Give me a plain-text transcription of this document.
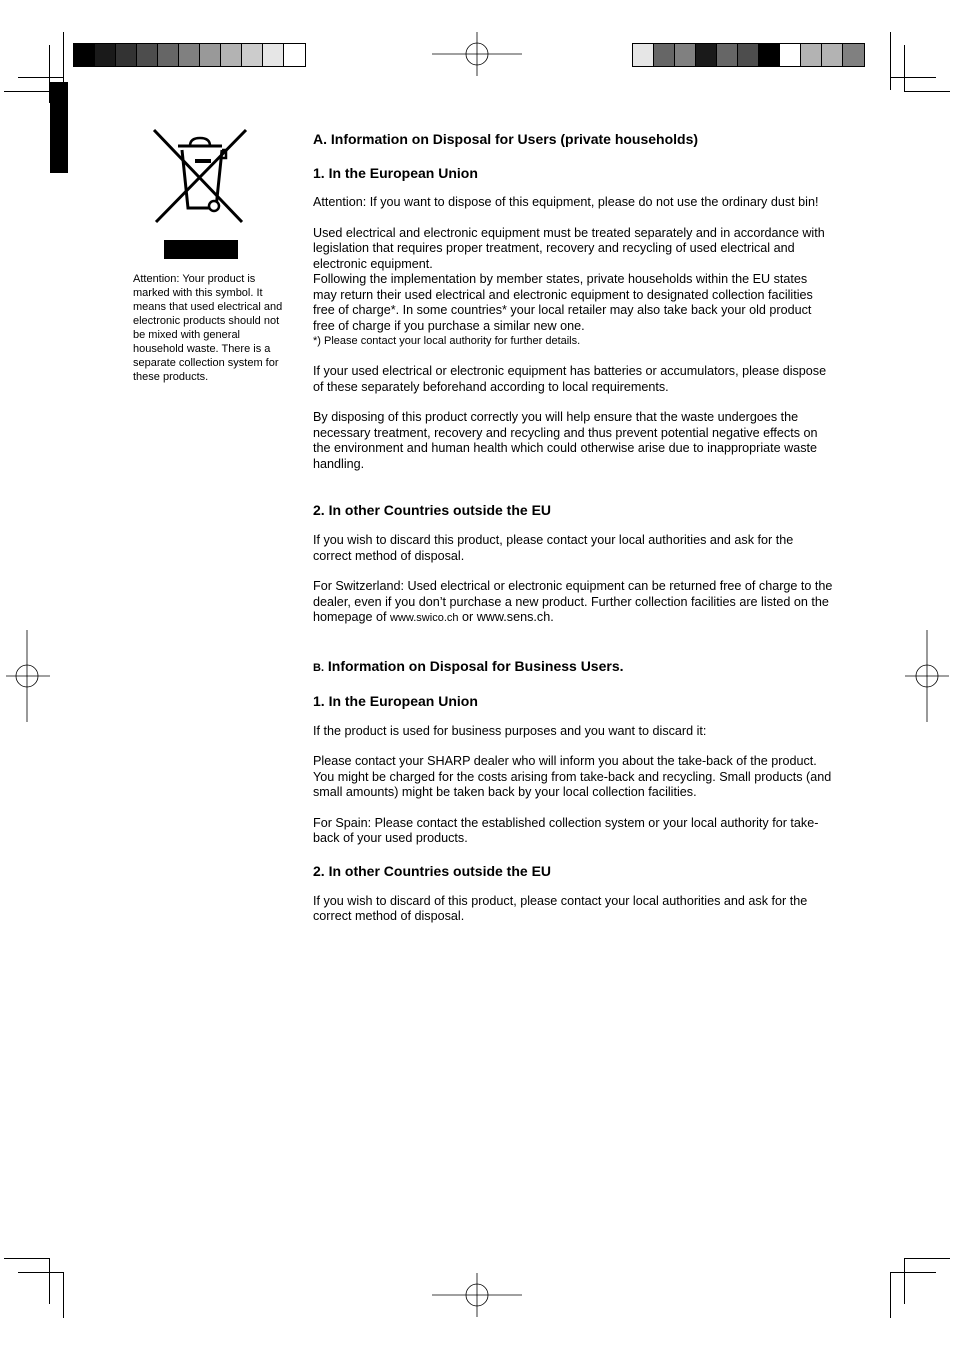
Attention: Your product is marked with this symbol. It means that used electrical and electronic products should not be mixed with general household waste. There is a separate collection system for these products.
A. Information on Disposal for Users (private households)
1. In the European Union

Attention: If you want to dispose of this equipment, please do not use the ordinary dust bin!

Used electrical and electronic equipment must be treated separately and in accordance with legislation that requires proper treatment, recovery and recycling of used electrical and electronic equipment.

Following the implementation by member states, private households within the EU states may return their used electrical and electronic equipment to designated collection facilities free of charge*. In some countries* your local retailer may also take back your old product free of charge if you purchase a similar new one.

*) Please contact your local authority for further details.

If your used electrical or electronic equipment has batteries or accumulators, please dispose of these separately beforehand according to local requirements.

By disposing of this product correctly you will help ensure that the waste undergoes the necessary treatment, recovery and recycling and thus prevent potential negative effects on the environment and human health which could otherwise arise due to inappropriate waste handling.

2. In other Countries outside the EU

If you wish to discard this product, please contact your local authorities and ask for the correct method of disposal.

For Switzerland: Used electrical or electronic equipment can be returned free of charge to the dealer, even if you don’t purchase a new product. Further collection facilities are listed on the homepage of www.swico.ch or www.sens.ch.

B. Information on Disposal for Business Users.
1. In the European Union

If the product is used for business purposes and you want to discard it:

Please contact your SHARP dealer who will inform you about the take-back of the product. You might be charged for the costs arising from take-back and recycling. Small products (and small amounts) might be taken back by your local collection facilities.

For Spain: Please contact the established collection system or your local authority for take-back of your used products.

2. In other Countries outside the EU

If you wish to discard of this product, please contact your local authorities and ask for the correct method of disposal.
